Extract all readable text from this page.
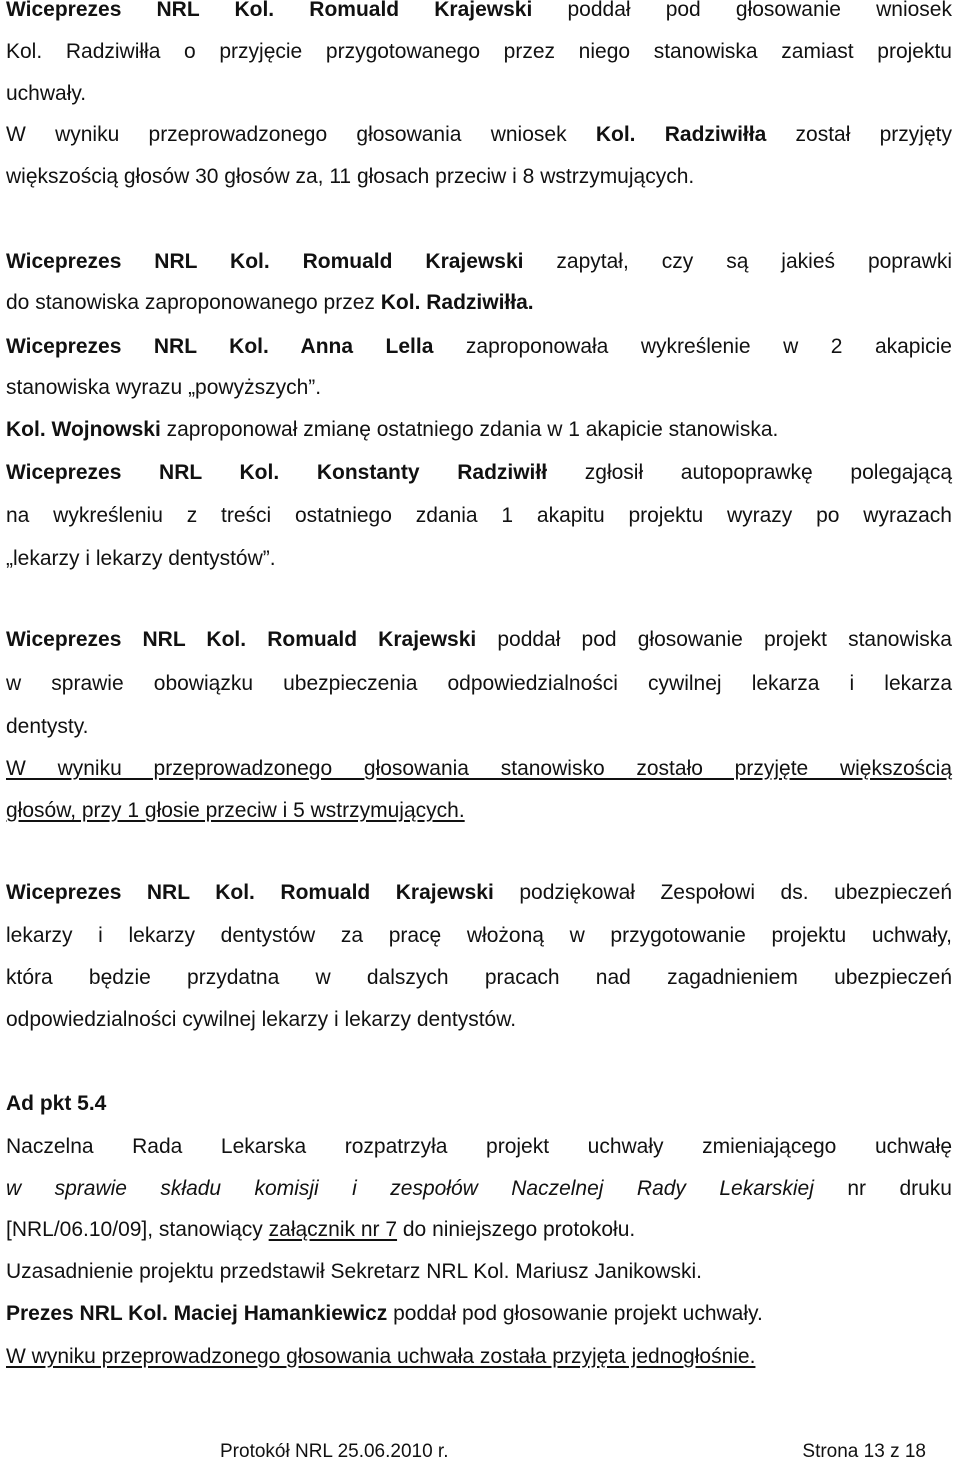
Wiceprezes NRL Kol. Romuald Krajewski poddał pod głosowanie wniosek
Kol. Radziwiłła o przyjęcie przygotowanego przez niego stanowiska zamiast projektu
uchwały.
W wyniku przeprowadzonego głosowania wniosek Kol. Radziwiłła został przyjęty
większością głosów 30 głosów za, 11 głosach przeciw i 8 wstrzymujących.
Wiceprezes NRL Kol. Romuald Krajewski zapytał, czy są jakieś poprawki
do stanowiska zaproponowanego przez Kol. Radziwiłła.
Wiceprezes NRL Kol. Anna Lella zaproponowała wykreślenie w 2 akapicie
stanowiska wyrazu „powyższych”.
Kol. Wojnowski zaproponował zmianę ostatniego zdania w 1 akapicie stanowiska.
Wiceprezes NRL Kol. Konstanty Radziwiłł zgłosił autopoprawkę polegającą
na wykreśleniu z treści ostatniego zdania 1 akapitu projektu wyrazy po wyrazach
„lekarzy i lekarzy dentystów”.
Wiceprezes NRL Kol. Romuald Krajewski poddał pod głosowanie projekt stanowiska
w sprawie obowiązku ubezpieczenia odpowiedzialności cywilnej lekarza i lekarza
dentysty.
W wyniku przeprowadzonego głosowania stanowisko zostało przyjęte większością
głosów, przy 1 głosie przeciw i 5 wstrzymujących.
Wiceprezes NRL Kol. Romuald Krajewski podziękował Zespołowi ds. ubezpieczeń
lekarzy i lekarzy dentystów za pracę włożoną w przygotowanie projektu uchwały,
która będzie przydatna w dalszych pracach nad zagadnieniem ubezpieczeń
odpowiedzialności cywilnej lekarzy i lekarzy dentystów.
Ad pkt 5.4
Naczelna Rada Lekarska rozpatrzyła projekt uchwały zmieniającego uchwałę
w sprawie składu komisji i zespołów Naczelnej Rady Lekarskiej nr druku
[NRL/06.10/09], stanowiący załącznik nr 7 do niniejszego protokołu.
Uzasadnienie projektu przedstawił Sekretarz NRL Kol. Mariusz Janikowski.
Prezes NRL Kol. Maciej Hamankiewicz poddał pod głosowanie projekt uchwały.
W wyniku przeprowadzonego głosowania uchwała została przyjęta jednogłośnie.
Protokół NRL 25.06.2010 r.	Strona 13 z 18
